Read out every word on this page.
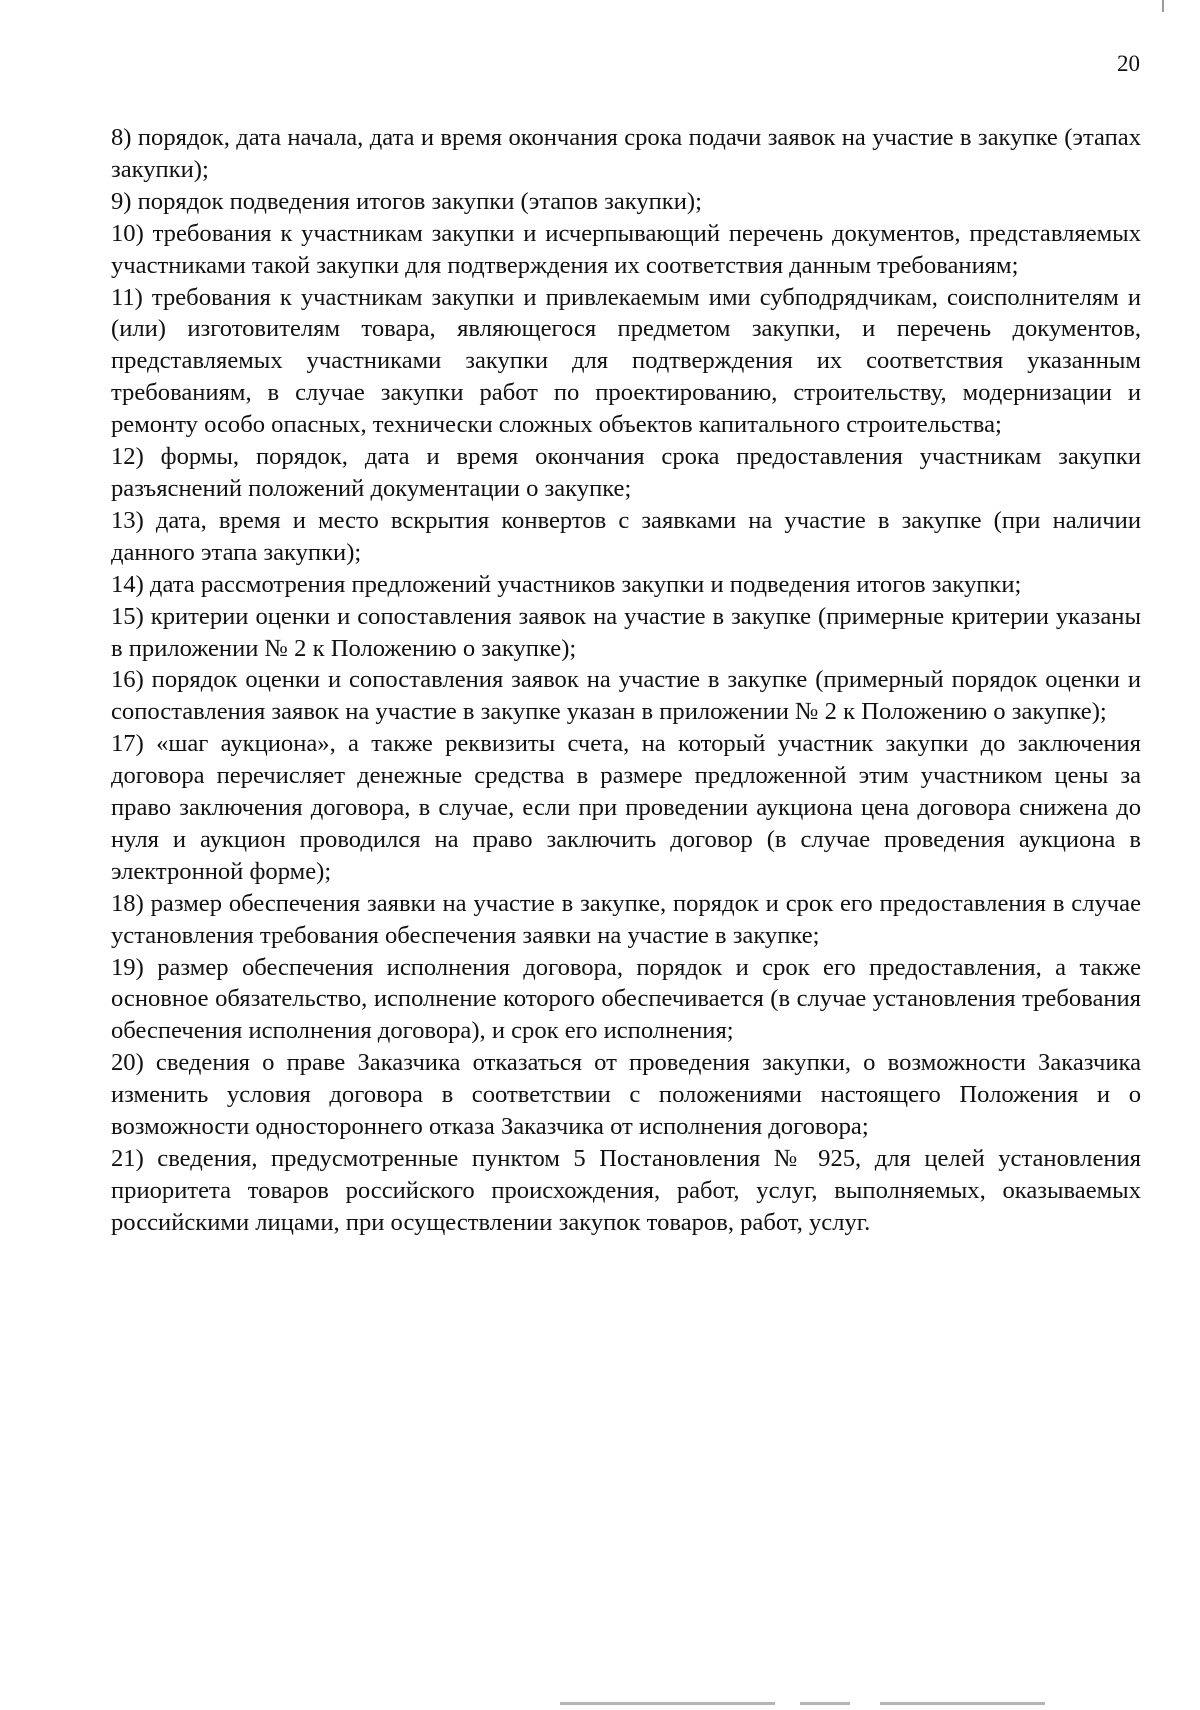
20

8) порядок, дата начала, дата и время окончания срока подачи заявок на участие в закупке (этапах закупки);

9) порядок подведения итогов закупки (этапов закупки);

10) требования к участникам закупки и исчерпывающий перечень документов, представляемых участниками такой закупки для подтверждения их соответствия данным требованиям;

11) требования к участникам закупки и привлекаемым ими субподрядчикам, соисполнителям и (или) изготовителям товара, являющегося предметом закупки, и перечень документов, представляемых участниками закупки для подтверждения их соответствия указанным требованиям, в случае закупки работ по проектированию, строительству, модернизации и ремонту особо опасных, технически сложных объектов капитального строительства;

12) формы, порядок, дата и время окончания срока предоставления участникам закупки разъяснений положений документации о закупке;

13) дата, время и место вскрытия конвертов с заявками на участие в закупке (при наличии данного этапа закупки);

14) дата рассмотрения предложений участников закупки и подведения итогов закупки;

15) критерии оценки и сопоставления заявок на участие в закупке (примерные критерии указаны в приложении № 2 к Положению о закупке);

16) порядок оценки и сопоставления заявок на участие в закупке (примерный порядок оценки и сопоставления заявок на участие в закупке указан в приложении № 2 к Положению о закупке);

17) «шаг аукциона», а также реквизиты счета, на который участник закупки до заключения договора перечисляет денежные средства в размере предложенной этим участником цены за право заключения договора, в случае, если при проведении аукциона цена договора снижена до нуля и аукцион проводился на право заключить договор (в случае проведения аукциона в электронной форме);

18) размер обеспечения заявки на участие в закупке, порядок и срок его предоставления в случае установления требования обеспечения заявки на участие в закупке;

19) размер обеспечения исполнения договора, порядок и срок его предоставления, а также основное обязательство, исполнение которого обеспечивается (в случае установления требования обеспечения исполнения договора), и срок его исполнения;

20) сведения о праве Заказчика отказаться от проведения закупки, о возможности Заказчика изменить условия договора в соответствии с положениями настоящего Положения и о возможности одностороннего отказа Заказчика от исполнения договора;

21) сведения, предусмотренные пунктом 5 Постановления № 925, для целей установления приоритета товаров российского происхождения, работ, услуг, выполняемых, оказываемых российскими лицами, при осуществлении закупок товаров, работ, услуг.
